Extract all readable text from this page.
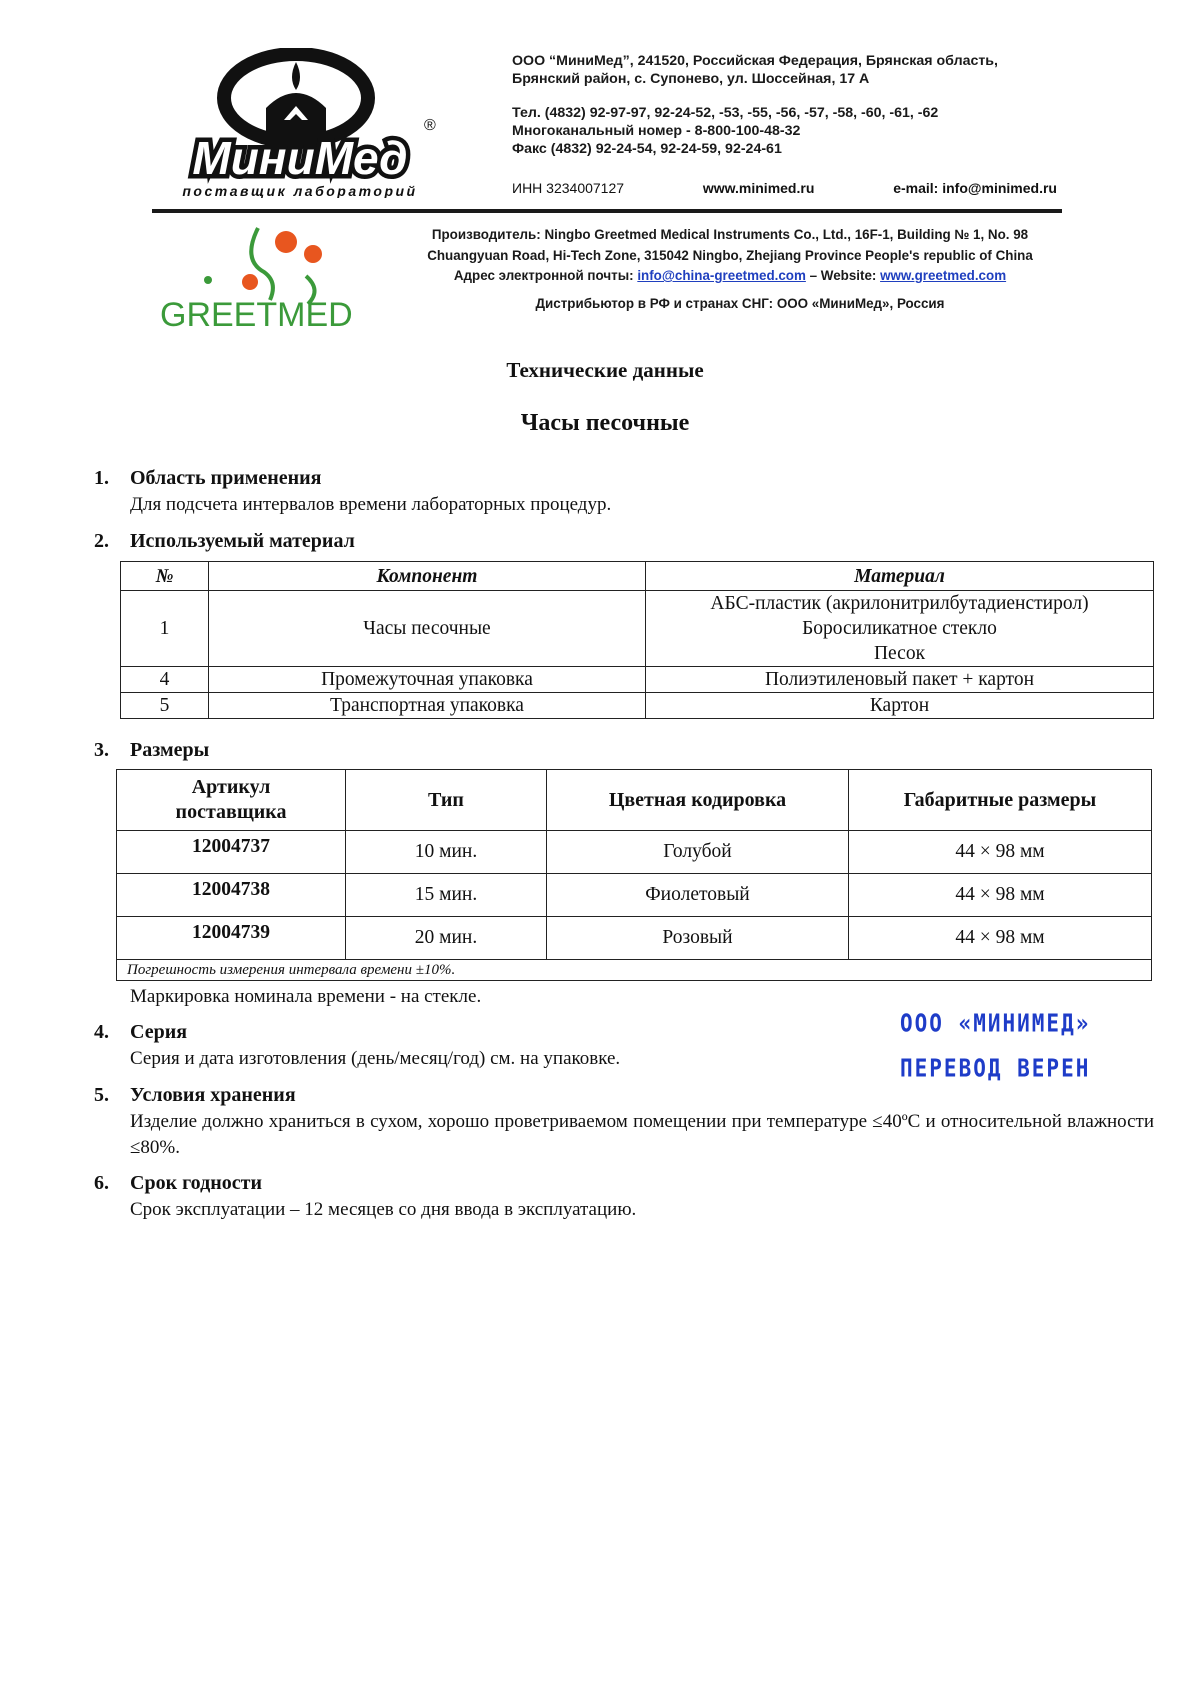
МиниМед
®
поставщик лабораторий
ООО “МиниМед”, 241520, Российская Федерация, Брянская область,
Брянский район, с. Супонево, ул. Шоссейная, 17 А
Тел. (4832) 92-97-97, 92-24-52, -53, -55, -56, -57, -58, -60, -61, -62
Многоканальный номер - 8-800-100-48-32
Факс (4832) 92-24-54, 92-24-59, 92-24-61
ИНН 3234007127	www.minimed.ru	e-mail: info@minimed.ru
GREETMED
Производитель: Ningbo Greetmed Medical Instruments Co., Ltd., 16F-1, Building № 1, No. 98
Chuangyuan Road, Hi-Tech Zone, 315042 Ningbo, Zhejiang Province People's republic of China
Адрес электронной почты: info@china-greetmed.com – Website: www.greetmed.com
Дистрибьютор в РФ и странах СНГ: ООО «МиниМед», Россия
Технические данные
Часы песочные
1. Область применения
Для подсчета интервалов времени лабораторных процедур.
2. Используемый материал
№	Компонент	Материал
1	Часы песочные	АБС-пластик (акрилонитрилбутадиенстирол)
Боросиликатное стекло
Песок

4	Промежуточная упаковка	Полиэтиленовый пакет + картон
5	Транспортная упаковка	Картон
3. Размеры
Артикул поставщика	Тип	Цветная кодировка	Габаритные размеры
12004737	10 мин.	Голубой	44 × 98 мм
12004738	15 мин.	Фиолетовый	44 × 98 мм
12004739	20 мин.	Розовый	44 × 98 мм
Погрешность измерения интервала времени ±10%.			
Маркировка номинала времени - на стекле.
ООО «МИНИМЕД»
ПЕРЕВОД ВЕРЕН
4. Серия
Серия и дата изготовления (день/месяц/год) см. на упаковке.
5. Условия хранения
Изделие должно храниться в сухом, хорошо проветриваемом помещении при температуре ≤40ºС и относительной влажности ≤80%.
6. Срок годности
Срок эксплуатации – 12 месяцев со дня ввода в эксплуатацию.
